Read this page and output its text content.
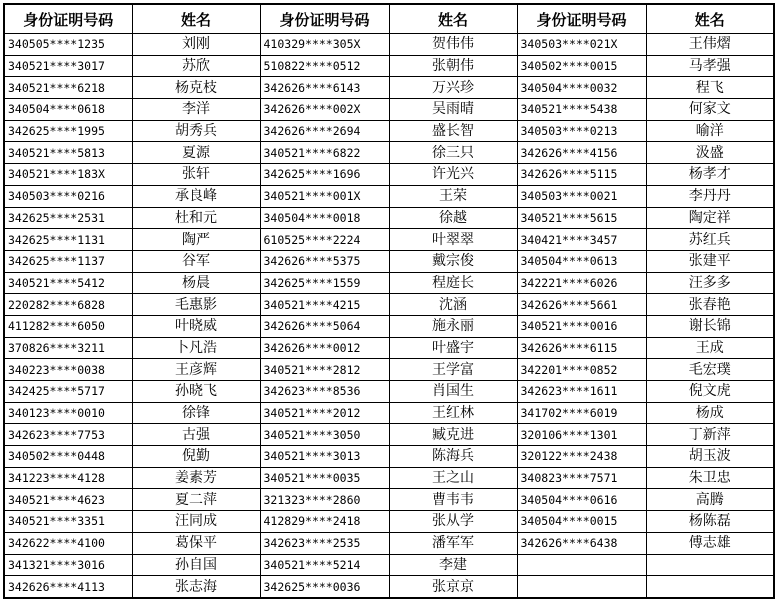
身份证明号码	姓名	身份证明号码	姓名	身份证明号码	姓名
340505****1235	刘刚	410329****305X	贺伟伟	340503****021X	王伟熠
340521****3017	苏欣	510822****0512	张朝伟	340502****0015	马孝强
340521****6218	杨克枝	342626****6143	万兴珍	340504****0032	程飞
340504****0618	李洋	342626****002X	吴雨晴	340521****5438	何家文
342625****1995	胡秀兵	342626****2694	盛长智	340503****0213	喻洋
340521****5813	夏源	340521****6822	徐三只	342626****4156	汲盛
340521****183X	张轩	342625****1696	许光兴	342626****5115	杨孝才
340503****0216	承良峰	340521****001X	王荣	340503****0021	李丹丹
342625****2531	杜和元	340504****0018	徐越	340521****5615	陶定祥
342625****1131	陶严	610525****2224	叶翠翠	340421****3457	苏红兵
342625****1137	谷军	342626****5375	戴宗俊	340504****0613	张建平
340521****5412	杨晨	342625****1559	程庭长	342221****6026	汪多多
220282****6828	毛惠影	340521****4215	沈涵	342626****5661	张春艳
411282****6050	叶晓威	342626****5064	施永丽	340521****0016	谢长锦
370826****3211	卜凡浩	342626****0012	叶盛宇	342626****6115	王成
340223****0038	王彦辉	340521****2812	王学富	342201****0852	毛宏璞
342425****5717	孙晓飞	342623****8536	肖国生	342623****1611	倪文虎
340123****0010	徐锋	340521****2012	王红林	341702****6019	杨成
342623****7753	古强	340521****3050	臧克进	320106****1301	丁新萍
340502****0448	倪勤	340521****3013	陈海兵	320122****2438	胡玉波
341223****4128	姜素芳	340521****0035	王之山	340823****7571	朱卫忠
340521****4623	夏二萍	321323****2860	曹韦韦	340504****0616	高腾
340521****3351	汪同成	412829****2418	张从学	340504****0015	杨陈磊
342622****4100	葛保平	342623****2535	潘军军	342626****6438	傅志雄
341321****3016	孙自国	340521****5214	李建		
342626****4113	张志海	342625****0036	张京京		
